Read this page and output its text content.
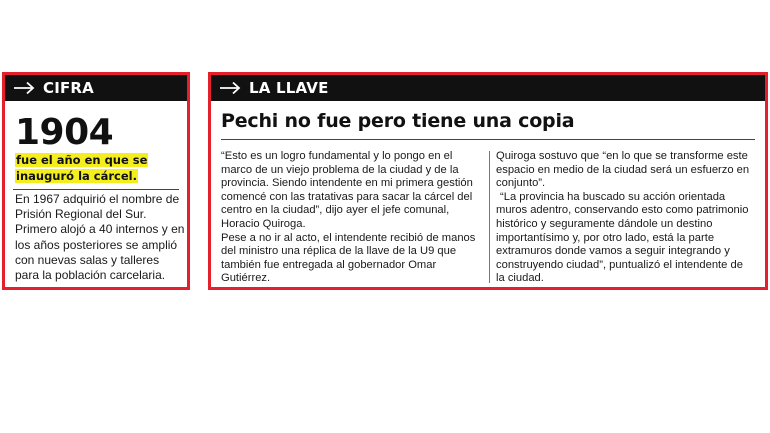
CIFRA
1904
fue el año en que se inauguró la cárcel.
En 1967 adquirió el nombre de Prisión Regional del Sur. Primero alojó a 40 internos y en los años posteriores se amplió con nuevas salas y talleres para la población carcelaria.
LA LLAVE
Pechi no fue pero tiene una copia

“Esto es un logro fundamental y lo pongo en el marco de un viejo problema de la ciudad y de la provincia. Siendo intendente en mi primera gestión comencé con las tratativas para sacar la cárcel del centro en la ciudad”, dijo ayer el jefe comunal, Horacio Quiroga.

Pese a no ir al acto, el intendente recibió de manos del ministro una réplica de la llave de la U9 que también fue entregada al gobernador Omar Gutiérrez.

Quiroga sostuvo que “en lo que se transforme este espacio en medio de la ciudad será un esfuerzo en conjunto”.

“La provincia ha buscado su acción orientada muros adentro, conservando esto como patrimonio histórico y seguramente dándole un destino importantísimo y, por otro lado, está la parte extramuros donde vamos a seguir integrando y construyendo ciudad”, puntualizó el intendente de la ciudad.
